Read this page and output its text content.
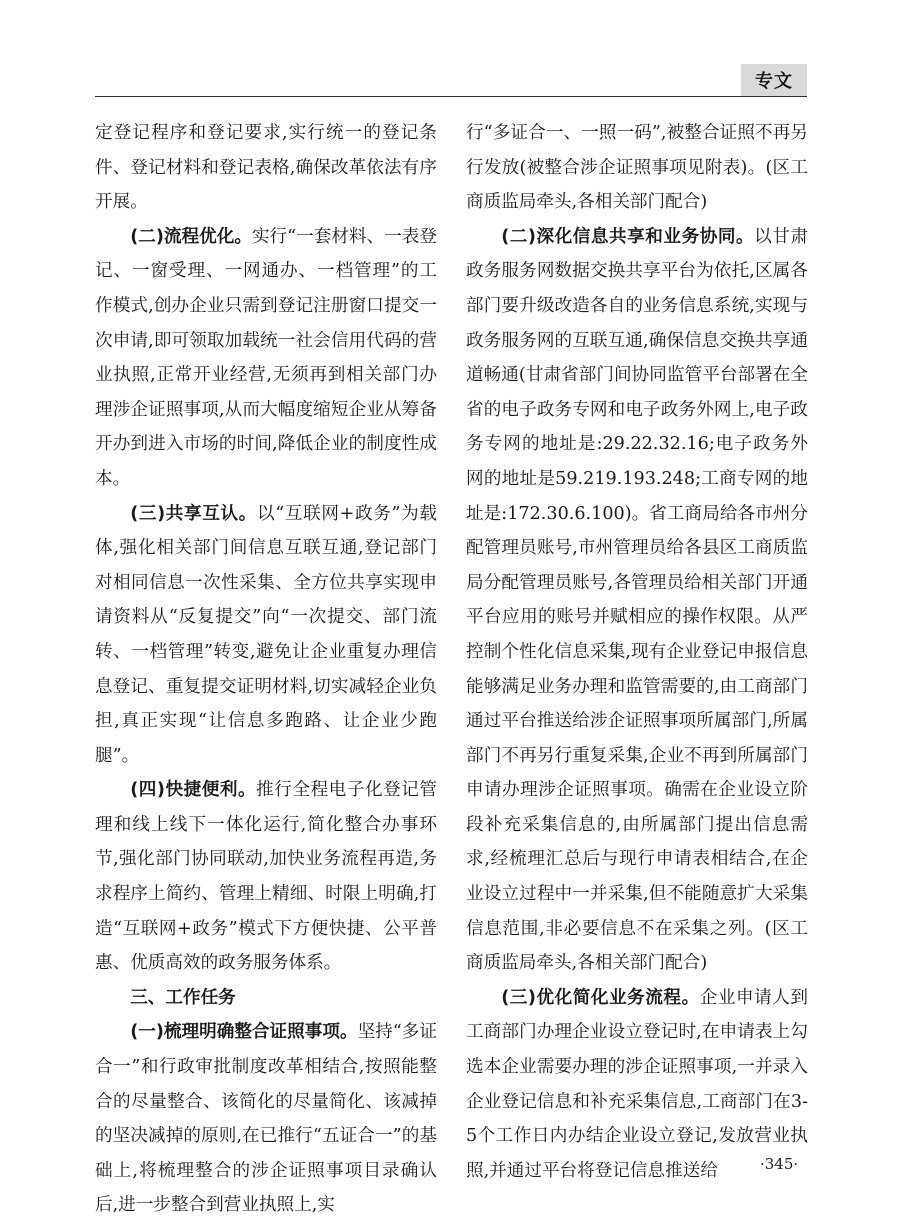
专文

定登记程序和登记要求,实行统一的登记条件、登记材料和登记表格,确保改革依法有序开展。

(二)流程优化。实行“一套材料、一表登记、一窗受理、一网通办、一档管理”的工作模式,创办企业只需到登记注册窗口提交一次申请,即可领取加载统一社会信用代码的营业执照,正常开业经营,无须再到相关部门办理涉企证照事项,从而大幅度缩短企业从筹备开办到进入市场的时间,降低企业的制度性成本。

(三)共享互认。以“互联网+政务”为载体,强化相关部门间信息互联互通,登记部门对相同信息一次性采集、全方位共享实现申请资料从“反复提交”向“一次提交、部门流转、一档管理”转变,避免让企业重复办理信息登记、重复提交证明材料,切实减轻企业负担,真正实现“让信息多跑路、让企业少跑腿”。

(四)快捷便利。推行全程电子化登记管理和线上线下一体化运行,简化整合办事环节,强化部门协同联动,加快业务流程再造,务求程序上简约、管理上精细、时限上明确,打造“互联网+政务”模式下方便快捷、公平普惠、优质高效的政务服务体系。

三、工作任务

(一)梳理明确整合证照事项。坚持“多证合一”和行政审批制度改革相结合,按照能整合的尽量整合、该简化的尽量简化、该减掉的坚决减掉的原则,在已推行“五证合一”的基础上,将梳理整合的涉企证照事项目录确认后,进一步整合到营业执照上,实

行“多证合一、一照一码”,被整合证照不再另行发放(被整合涉企证照事项见附表)。(区工商质监局牵头,各相关部门配合)

(二)深化信息共享和业务协同。以甘肃政务服务网数据交换共享平台为依托,区属各部门要升级改造各自的业务信息系统,实现与政务服务网的互联互通,确保信息交换共享通道畅通(甘肃省部门间协同监管平台部署在全省的电子政务专网和电子政务外网上,电子政务专网的地址是:29.22.32.16;电子政务外网的地址是59.219.193.248;工商专网的地址是:172.30.6.100)。省工商局给各市州分配管理员账号,市州管理员给各县区工商质监局分配管理员账号,各管理员给相关部门开通平台应用的账号并赋相应的操作权限。从严控制个性化信息采集,现有企业登记申报信息能够满足业务办理和监管需要的,由工商部门通过平台推送给涉企证照事项所属部门,所属部门不再另行重复采集,企业不再到所属部门申请办理涉企证照事项。确需在企业设立阶段补充采集信息的,由所属部门提出信息需求,经梳理汇总后与现行申请表相结合,在企业设立过程中一并采集,但不能随意扩大采集信息范围,非必要信息不在采集之列。(区工商质监局牵头,各相关部门配合)

(三)优化简化业务流程。企业申请人到工商部门办理企业设立登记时,在申请表上勾选本企业需要办理的涉企证照事项,一并录入企业登记信息和补充采集信息,工商部门在3-5个工作日内办结企业设立登记,发放营业执照,并通过平台将登记信息推送给	·345·
